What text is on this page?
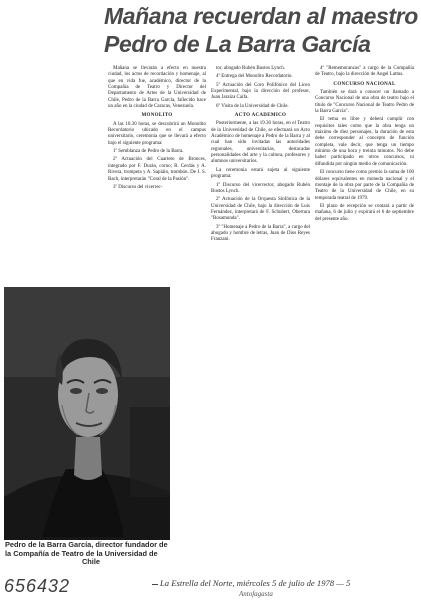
Mañana recuerdan al maestro
Pedro de La Barra García

Mañana se llevarán a efecto en nuestra ciudad, los actos de recordación y homenaje, al que en vida fue, académico, director de la Compañía de Teatro y Director del Departamento de Artes de la Universidad de Chile, Pedro de la Barra García, fallecido hace un año en la ciudad de Caracas, Venezuela.

MONOLITO

A las 10.30 horas, se descubrirá un Monolito Recordatorio ubicado en el campus universitario, ceremonia que se llevará a efecto bajo el siguiente programa:

1º Semblanza de Pedro de la Barra.

2º Actuación del Cuarteto de Bronces, integrado por F. Durán, corno; R. Cerdás y A. Rivera, trompeta y A. Sapiáin, trombón. De J. S. Bach, interpretarán "Coral de la Pasión".

3º Discurso del vicerrec-

tor, abogado Rubén Bustos Lynch.

4º Entrega del Monolito Recordatorio.

5º Actuación del Coro Polifónico del Liceo Experimental, bajo la dirección del profesor, Juan Jaraíza Caifa.

6º Visita de la Universidad de Chile.

ACTO ACADEMICO

Posteriormente, a las 19.30 horas, en el Teatro de la Universidad de Chile, se efectuará un Acto Académico de homenaje a Pedro de la Barra y al cual han sido invitadas las autoridades regionales, universitarias, destacadas personalidades del arte y la cultura, profesores y alumnos universitarios.

La ceremonia estará sujeta al siguiente programa:

1º Discurso del vicerrector, abogado Rubén Bustos Lynch.

2º Actuación de la Orquesta Sinfónica de la Universidad de Chile, bajo la dirección de Luis Fernández, interpretará de F. Schubert, Obertura "Rosamunda".

3º "Homenaje a Pedro de la Barra", a cargo del abogado y hombre de letras, Juan de Dios Reyes Franzani.

4º "Rememoranzas" a cargo de la Compañía de Teatro, bajo la dirección de Angel Lattus.

CONCURSO NACIONAL

También se dará a conocer un llamado a Concurso Nacional de una obra de teatro bajo el título de "Concurso Nacional de Teatro Pedro de la Barra García".

El tema es libre y deberá cumplir con requisitos tales como que la obra tenga un máximo de diez personajes, la duración de esta debe corresponder al concepto de función completa, vale decir, que tenga un tiempo mínimo de una hora y treinta minutos. No debe haber participado en otros concursos, ni difundida por ningún medio de comunicación.

El concurso tiene como premio la suma de 100 dólares equivalentes en moneda nacional y el montaje de la obra por parte de la Compañía de Teatro de la Universidad de Chile, en su temporada teatral de 1979.

El plazo de recepción se contará a partir de mañana, 6 de julio y expirará el 6 de septiembre del presente año.

Pedro de la Barra García, director fundador de
la Compañía de Teatro de la Universidad de
Chile

La Estrella del Norte, miércoles 5 de julio de 1978 — 5
656432	Antofagasta
